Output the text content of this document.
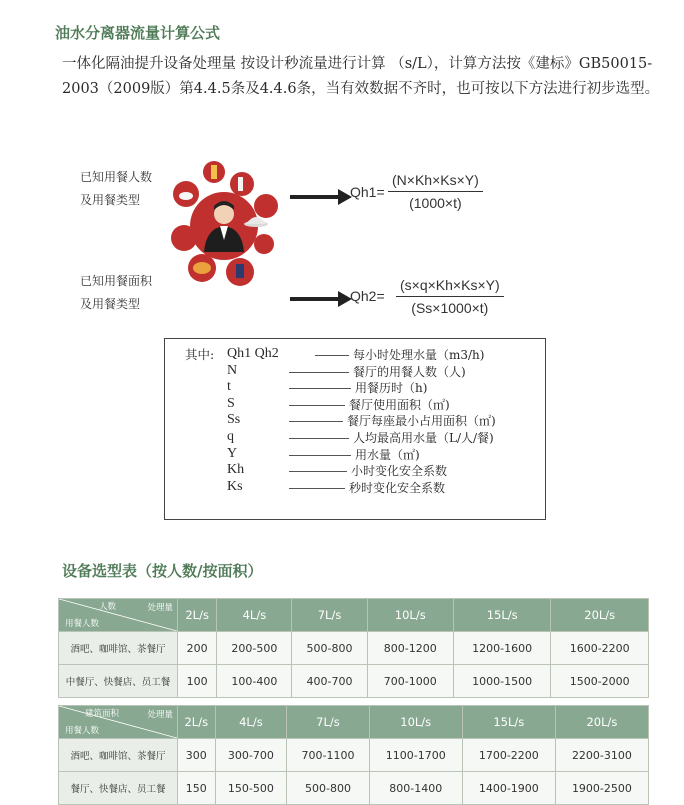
油水分离器流量计算公式
一体化隔油提升设备处理量 按设计秒流量进行计算 （s/L），计算方法按《建标》GB50015-2003（2009版）第4.4.5条及4.4.6条，当有效数据不齐时，也可按以下方法进行初步选型。
已知用餐人数
及用餐类型	$Qh1= \frac{(N\times Kh\times Ks\times Y)}{(1000\times t)}$
已知用餐面积
及用餐类型	$Qh2= \frac{(s\times q\times Kh\times Ks\times Y)}{(Ss\times 1000\times t)}$
其中: Qh1 Qh2	每小时处理水量（m3/h)
N	餐厅的用餐人数（人)
t	用餐历时（h)
S	餐厅使用面积（㎡)
Ss	餐厅每座最小占用面积（㎡)
q	人均最高用水量（L/人/餐)
Y	用水量（㎡)
Kh	小时变化安全系数
Ks	秒时变化安全系数
设备选型表（按人数/按面积）
处理量
人数
用餐人数	2L/s	4L/s	7L/s	10L/s	15L/s	20L/s
酒吧、咖啡馆、茶餐厅	200	200-500	500-800	800-1200	1200-1600	1600-2200
中餐厅、快餐店、员工餐	100	100-400	400-700	700-1000	1000-1500	1500-2000
处理量
建筑面积
用餐人数	2L/s	4L/s	7L/s	10L/s	15L/s	20L/s
酒吧、咖啡馆、茶餐厅	300	300-700	700-1100	1100-1700	1700-2200	2200-3100
餐厅、快餐店、员工餐	150	150-500	500-800	800-1400	1400-1900	1900-2500
